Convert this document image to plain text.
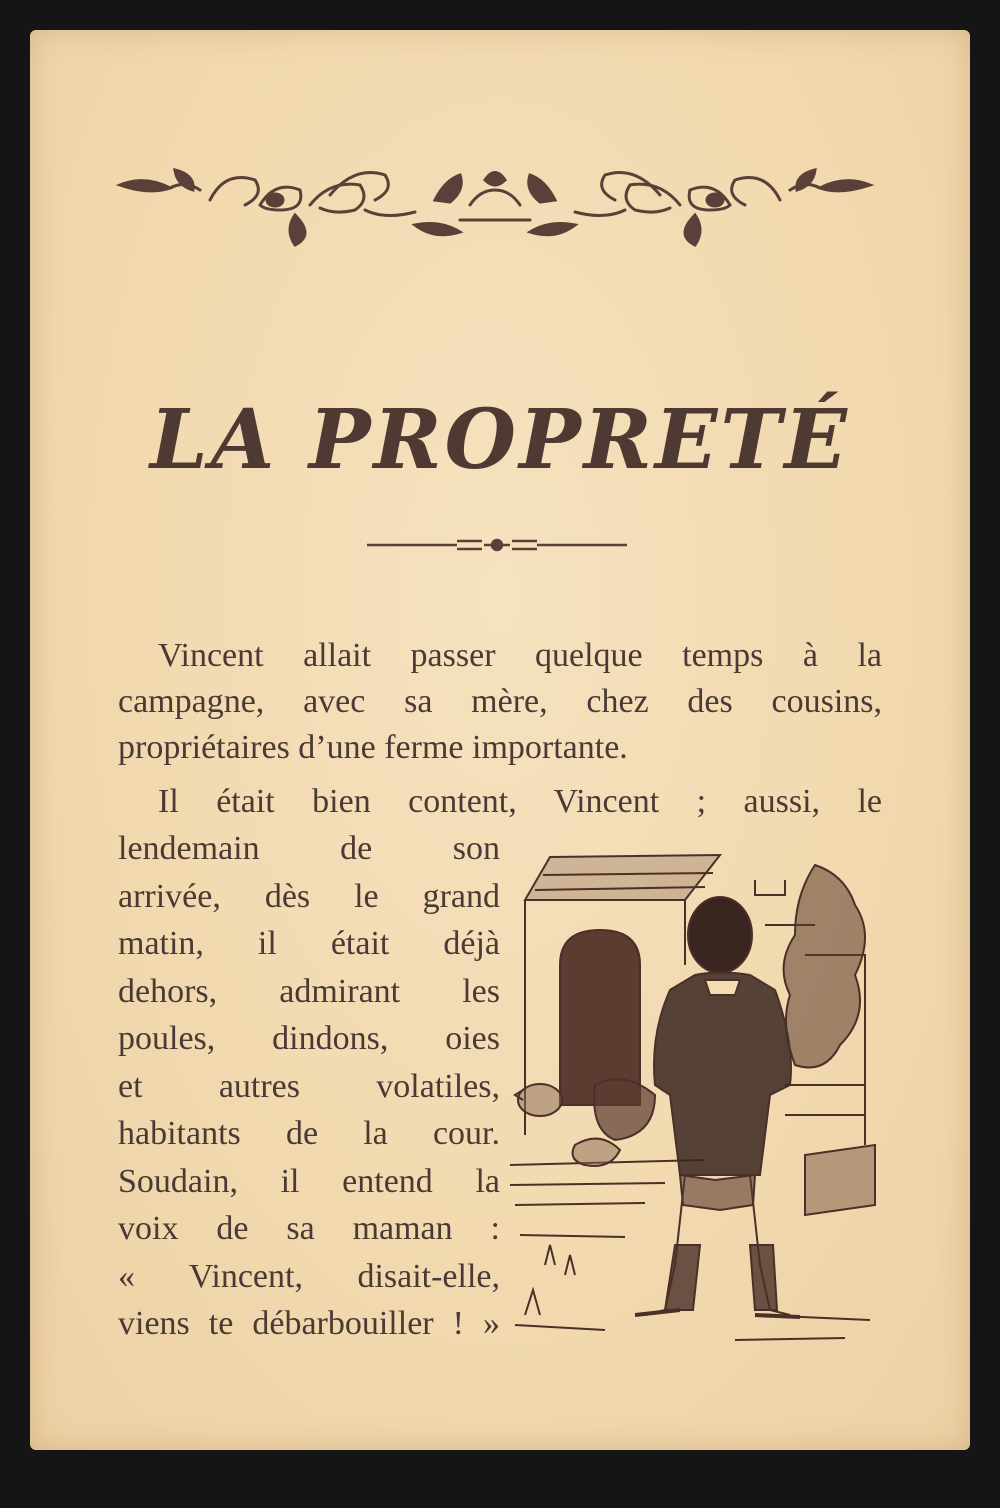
LA PROPRETÉ
Vincent allait passer quelque temps à la
campagne, avec sa mère, chez des cousins,
propriétaires d’une ferme importante.
Il était bien content, Vincent ; aussi, le
lendemain de son
arrivée, dès le grand
matin, il était déjà
dehors, admirant les
poules, dindons, oies
et autres volatiles,
habitants de la cour.
Soudain, il entend la
voix de sa maman :
« Vincent, disait-elle,
viens te débarbouiller ! »
